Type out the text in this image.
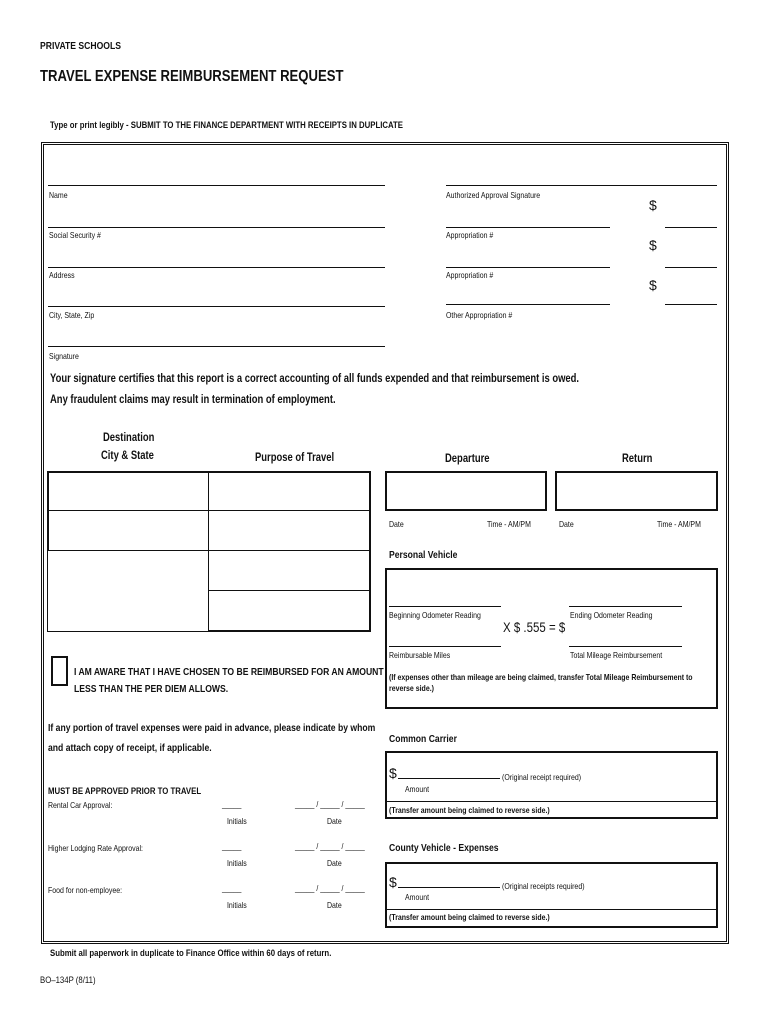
PRIVATE SCHOOLS
TRAVEL EXPENSE REIMBURSEMENT REQUEST
Type or print legibly - SUBMIT TO THE FINANCE DEPARTMENT WITH RECEIPTS IN DUPLICATE
Name
Social Security #
Address
City, State, Zip
Signature
Authorized Approval Signature
$
Appropriation #
$
Appropriation #
$
Other Appropriation #
Your signature certifies that this report is a correct accounting of all funds expended and that reimbursement is owed.
Any fraudulent claims may result in termination of employment.
Destination
City & State	Purpose of Travel	Departure	Return
Date	Time - AM/PM	Date	Time - AM/PM
Personal Vehicle
Beginning Odometer Reading	Ending Odometer Reading
X $ .555 = $
Reimbursable Miles	Total Mileage Reimbursement
(If expenses other than mileage are being claimed, transfer Total Mileage Reimbursement to reverse side.)
I AM AWARE THAT I HAVE CHOSEN TO BE REIMBURSED FOR AN AMOUNT
LESS THAN THE PER DIEM ALLOWS.
If any portion of travel expenses were paid in advance, please indicate by whom
and attach copy of receipt, if applicable.
MUST BE APPROVED PRIOR TO TRAVEL
Rental Car Approval:	_____	_____ / _____ / _____
Initials	Date
Higher Lodging Rate Approval:	_____	_____ / _____ / _____
Initials	Date
Food for non-employee:	_____	_____ / _____ / _____
Initials	Date
Common Carrier
$	(Original receipt required)
Amount
(Transfer amount being claimed to reverse side.)
County Vehicle - Expenses
$	(Original receipts required)
Amount
(Transfer amount being claimed to reverse side.)
Submit all paperwork in duplicate to Finance Office within 60 days of return.
BO–134P (8/11)
